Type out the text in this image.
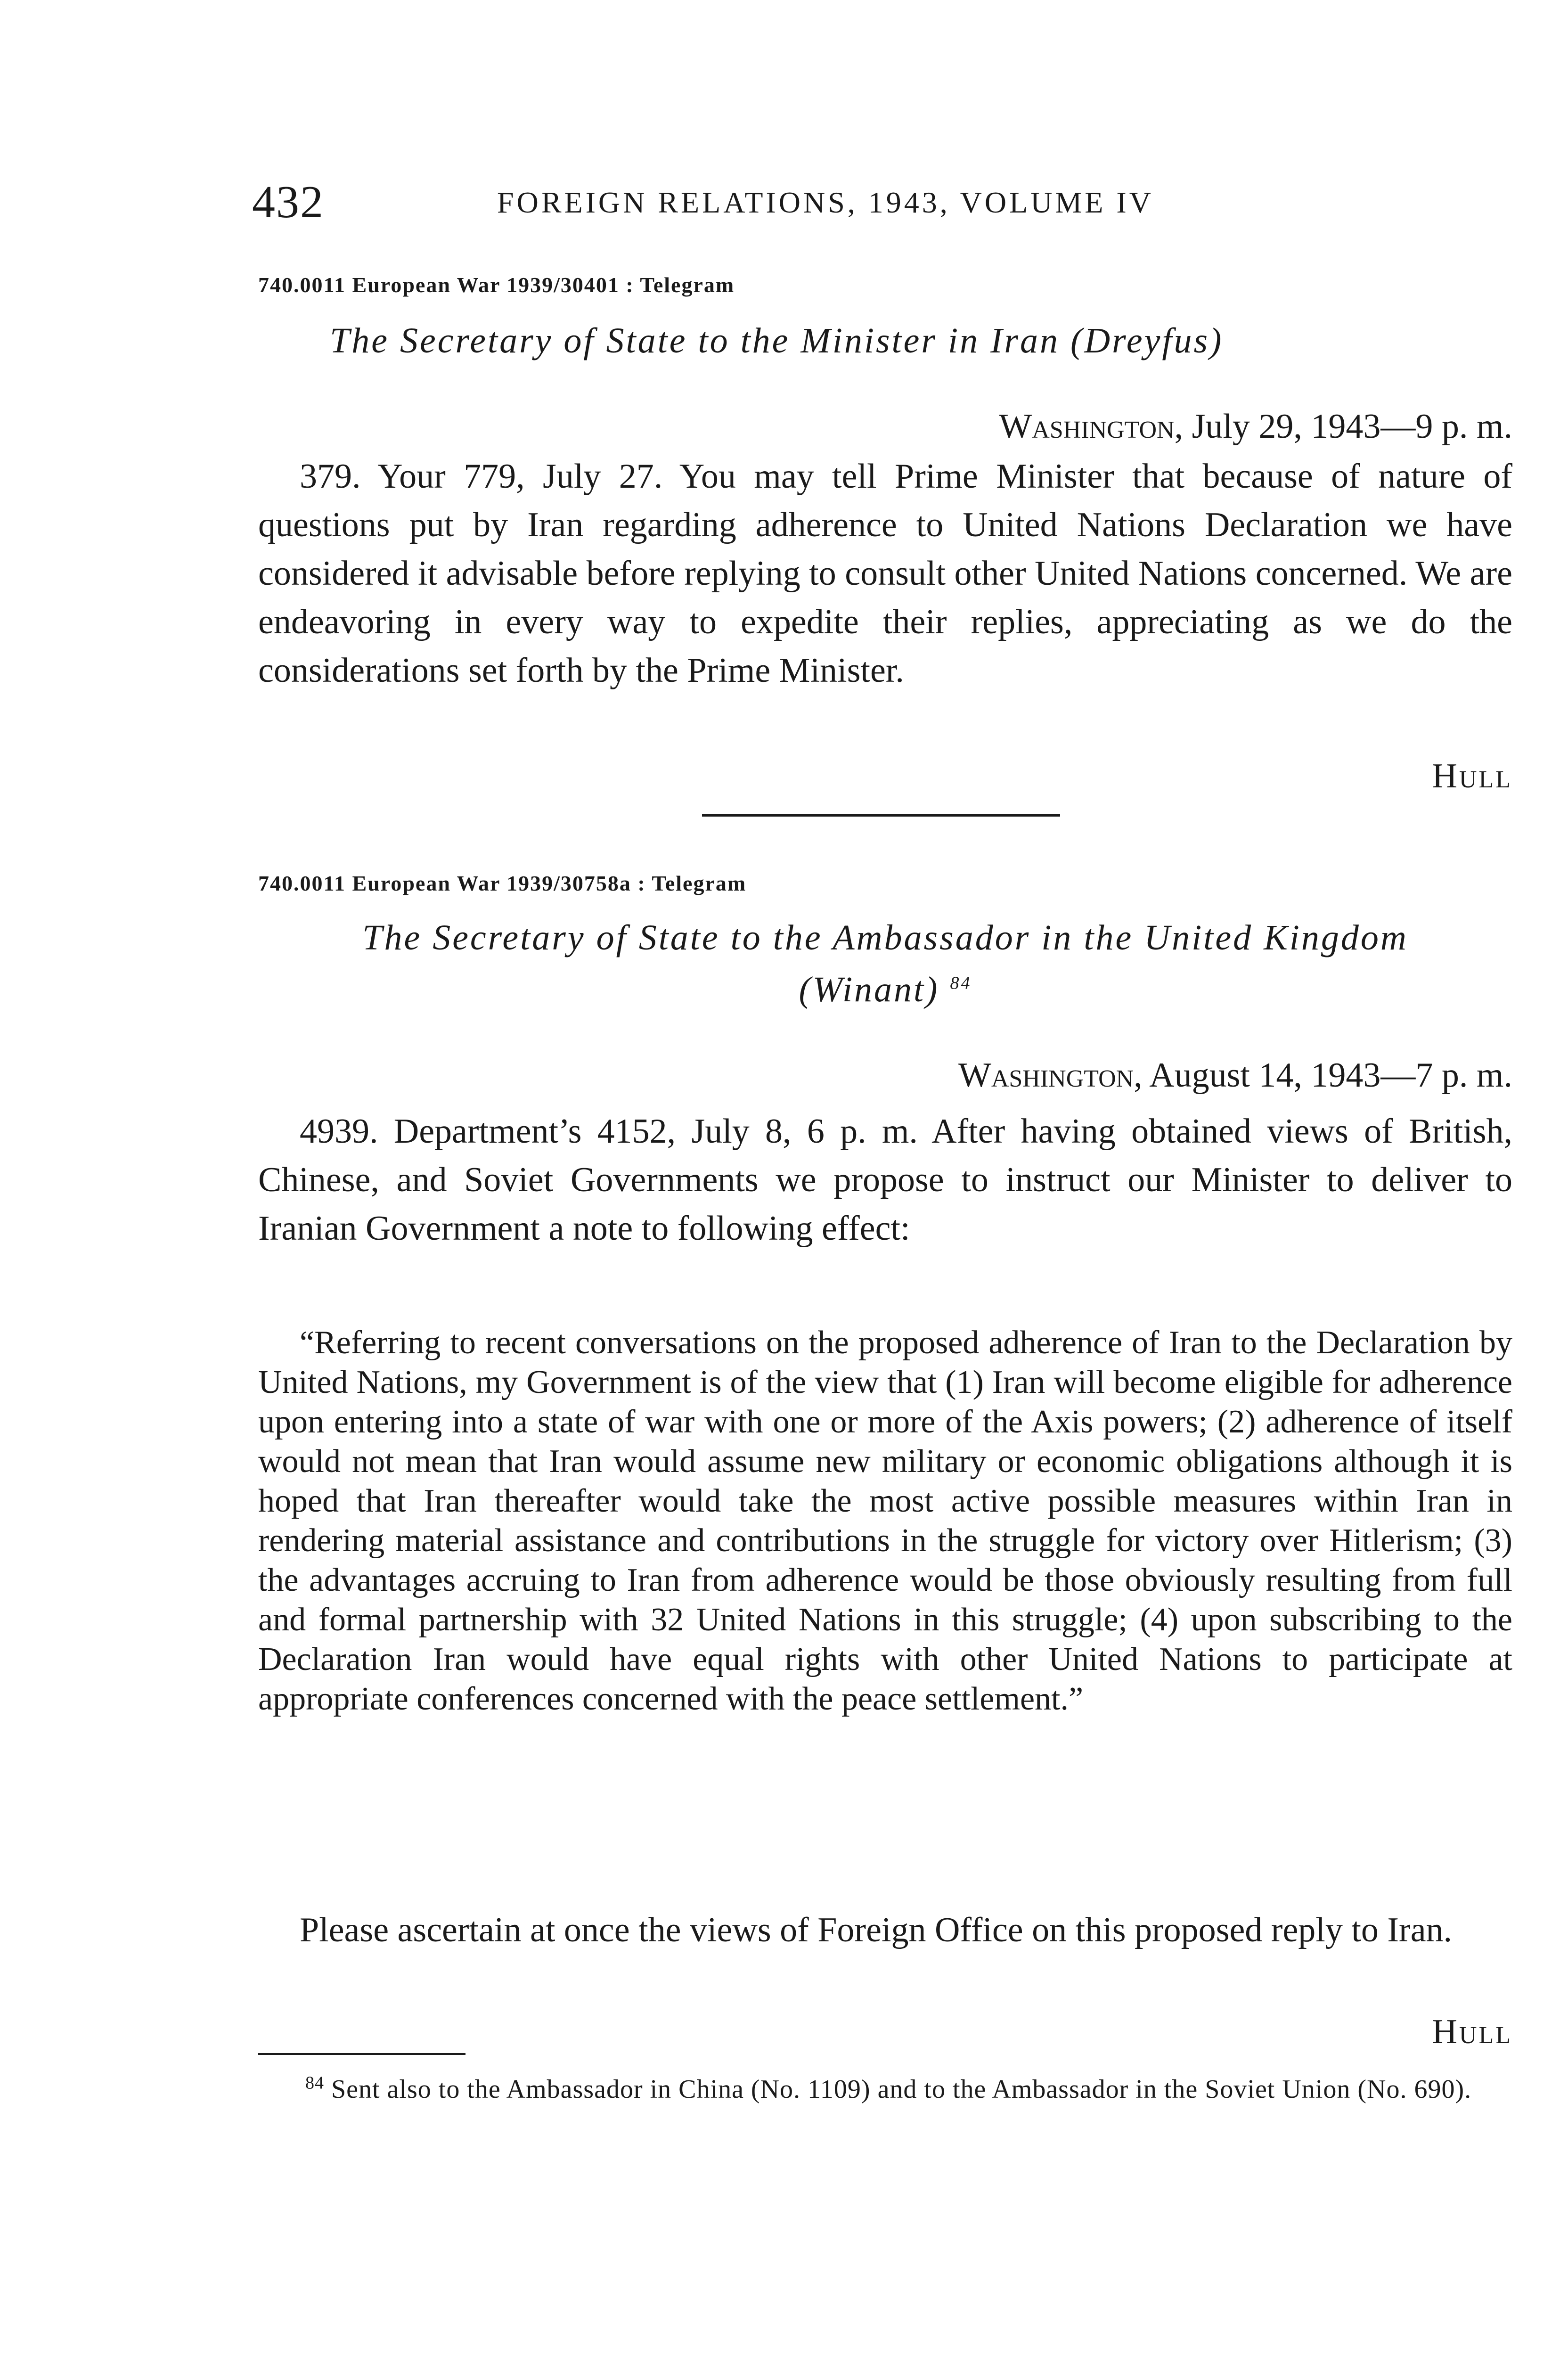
432	FOREIGN RELATIONS, 1943, VOLUME IV
740.0011 European War 1939/30401 : Telegram
The Secretary of State to the Minister in Iran (Dreyfus)
Washington, July 29, 1943—9 p. m.

379. Your 779, July 27. You may tell Prime Minister that because of nature of questions put by Iran regarding adherence to United Nations Declaration we have considered it advisable before replying to consult other United Nations concerned. We are endeavoring in every way to expedite their replies, appreciating as we do the considerations set forth by the Prime Minister.

Hull
740.0011 European War 1939/30758a : Telegram
The Secretary of State to the Ambassador in the United Kingdom
(Winant) $^{84}$
Washington, August 14, 1943—7 p. m.

4939. Department’s 4152, July 8, 6 p. m. After having obtained views of British, Chinese, and Soviet Governments we propose to instruct our Minister to deliver to Iranian Government a note to following effect:

“Referring to recent conversations on the proposed adherence of Iran to the Declaration by United Nations, my Government is of the view that (1) Iran will become eligible for adherence upon entering into a state of war with one or more of the Axis powers; (2) adherence of itself would not mean that Iran would assume new military or economic obligations although it is hoped that Iran thereafter would take the most active possible measures within Iran in rendering material assistance and contributions in the struggle for victory over Hitlerism; (3) the advantages accruing to Iran from adherence would be those obviously resulting from full and formal partnership with 32 United Nations in this struggle; (4) upon subscribing to the Declaration Iran would have equal rights with other United Nations to participate at appropriate conferences concerned with the peace settlement.”

Please ascertain at once the views of Foreign Office on this proposed reply to Iran.

Hull

$^{84}$ Sent also to the Ambassador in China (No. 1109) and to the Ambassador in the Soviet Union (No. 690).
